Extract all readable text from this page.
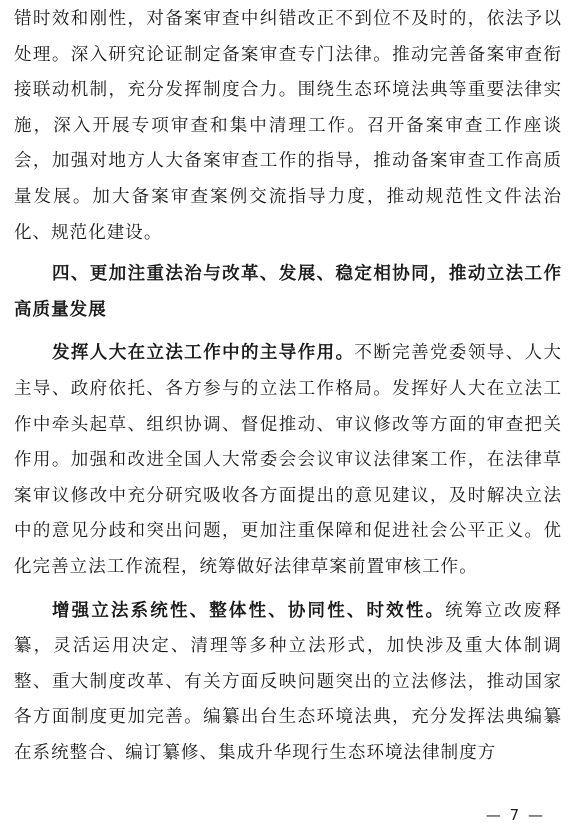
错时效和刚性，对备案审查中纠错改正不到位不及时的，依法予以处理。深入研究论证制定备案审查专门法律。推动完善备案审查衔接联动机制，充分发挥制度合力。围绕生态环境法典等重要法律实施，深入开展专项审查和集中清理工作。召开备案审查工作座谈会，加强对地方人大备案审查工作的指导，推动备案审查工作高质量发展。加大备案审查案例交流指导力度，推动规范性文件法治化、规范化建设。

四、更加注重法治与改革、发展、稳定相协同，推动立法工作高质量发展

发挥人大在立法工作中的主导作用。不断完善党委领导、人大主导、政府依托、各方参与的立法工作格局。发挥好人大在立法工作中牵头起草、组织协调、督促推动、审议修改等方面的审查把关作用。加强和改进全国人大常委会会议审议法律案工作，在法律草案审议修改中充分研究吸收各方面提出的意见建议，及时解决立法中的意见分歧和突出问题，更加注重保障和促进社会公平正义。优化完善立法工作流程，统筹做好法律草案前置审核工作。

增强立法系统性、整体性、协同性、时效性。统筹立改废释纂，灵活运用决定、清理等多种立法形式，加快涉及重大体制调整、重大制度改革、有关方面反映问题突出的立法修法，推动国家各方面制度更加完善。编纂出台生态环境法典，充分发挥法典编纂在系统整合、编订纂修、集成升华现行生态环境法律制度方

— 7 —
